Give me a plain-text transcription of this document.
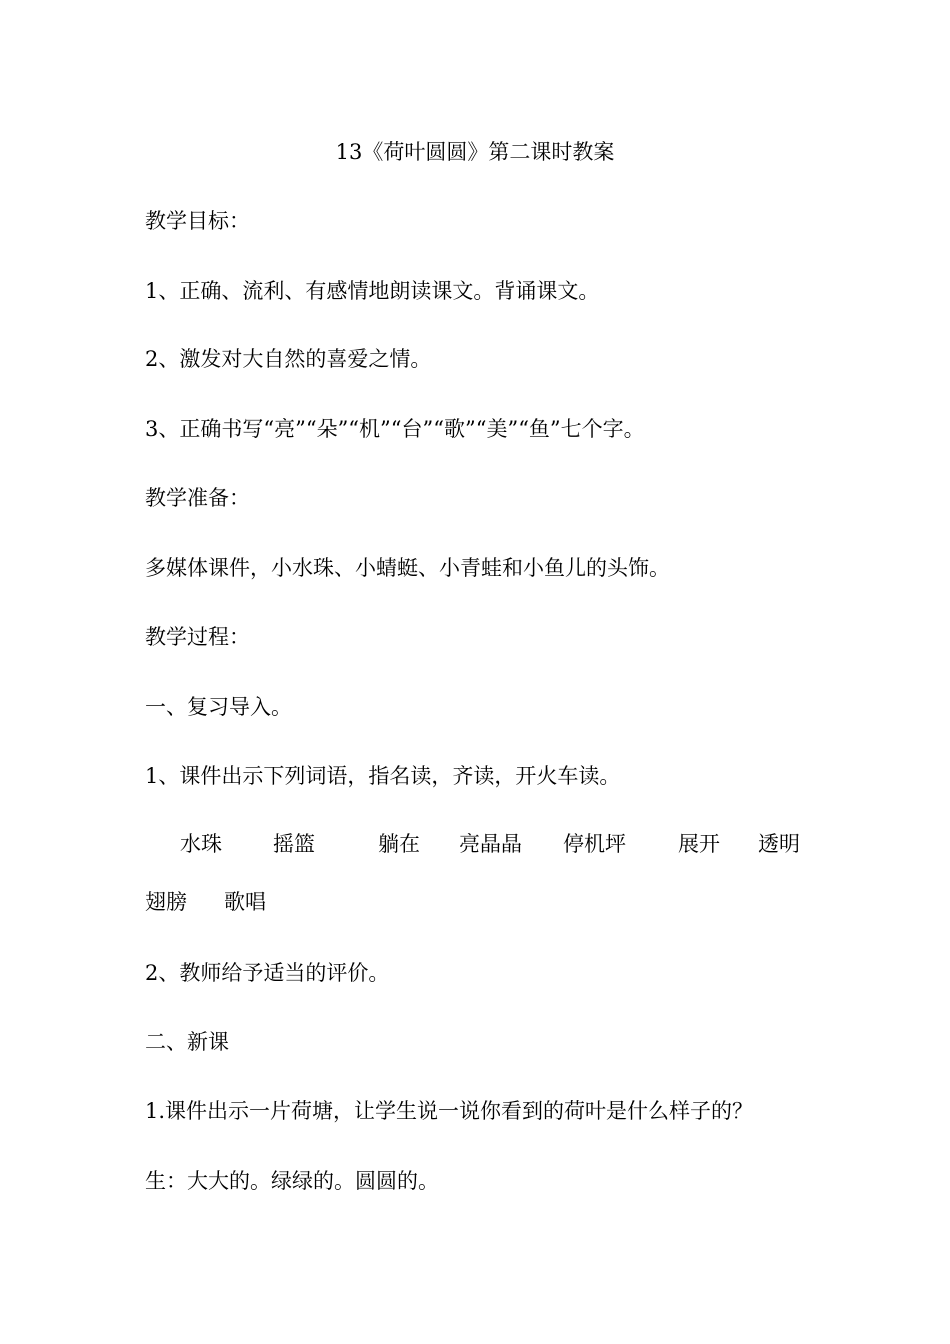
13《荷叶圆圆》第二课时教案
教学目标：
1、正确、流利、有感情地朗读课文。背诵课文。
2、激发对大自然的喜爱之情。
3、正确书写“亮”“朵”“机”“台”“歌”“美”“鱼”七个字。
教学准备：
多媒体课件，小水珠、小蜻蜓、小青蛙和小鱼儿的头饰。
教学过程：
一、复习导入。
1、课件出示下列词语，指名读，齐读，开火车读。
水珠 摇篮	躺在 亮晶晶 停机坪 展开 透明
翅膀 歌唱
2、教师给予适当的评价。
二、新课
1.课件出示一片荷塘，让学生说一说你看到的荷叶是什么样子的？
生：大大的。绿绿的。圆圆的。
